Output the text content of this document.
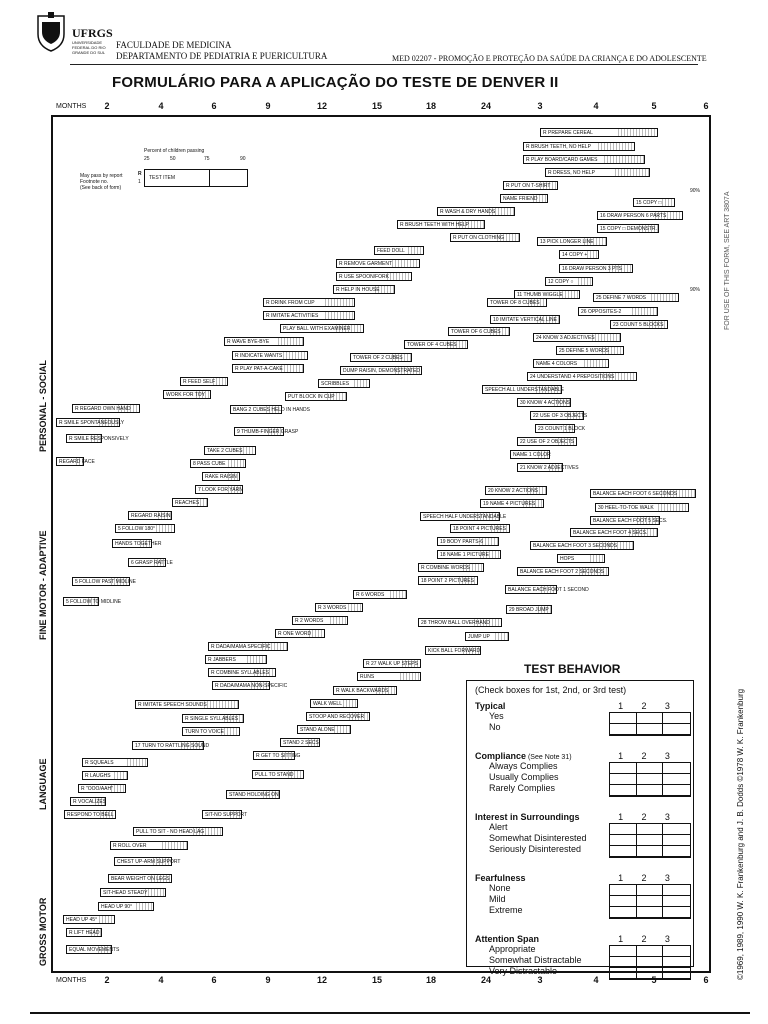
UFRGS
UNIVERSIDADE FEDERAL DO RIO GRANDE DO SUL
FACULDADE DE MEDICINA
DEPARTAMENTO DE PEDIATRIA E PUERICULTURA	MED 02207 - PROMOÇÃO E PROTEÇÃO DA SAÚDE DA CRIANÇA E DO ADOLESCENTE
FORMULÁRIO PARA A APLICAÇÃO DO TESTE DE DENVER II
MONTHS 2	4	6	9	12	15	18	24	3	4	5	6
Percent of children passing
25	50	75	90
May pass by report
Footnote no.
(See back of form)
R
1
TEST ITEM
90%
90%
PERSONAL - SOCIAL
FINE MOTOR - ADAPTIVE
LANGUAGE
GROSS MOTOR
R PREPARE CEREAL
R BRUSH TEETH, NO HELP
R PLAY BOARD/CARD GAMES
R DRESS, NO HELP
R PUT ON T-SHIRT
NAME FRIEND
R WASH & DRY HANDS
R BRUSH TEETH WITH HELP
R PUT ON CLOTHING
FEED DOLL
R REMOVE GARMENT
R USE SPOON/FORK
R HELP IN HOUSE
R DRINK FROM CUP
R IMITATE ACTIVITIES
PLAY BALL WITH EXAMINER
R WAVE BYE-BYE
R INDICATE WANTS
R PLAY PAT-A-CAKE
R FEED SELF
WORK FOR TOY
R REGARD OWN HAND
R SMILE SPONTANEOUSLY
R SMILE RESPONSIVELY
REGARD FACE
15 COPY □
16 DRAW PERSON 6 PARTS
15 COPY □ DEMONSTR.
13 PICK LONGER LINE
14 COPY +
16 DRAW PERSON 3 PTS
12 COPY ○
11 THUMB WIGGLE
TOWER OF 8 CUBES
10 IMITATE VERTICAL LINE
TOWER OF 6 CUBES
TOWER OF 4 CUBES
TOWER OF 2 CUBES
DUMP RAISIN, DEMONSTRATED
SCRIBBLES
PUT BLOCK IN CUP
BANG 2 CUBES HELD IN HANDS
9 THUMB-FINGER GRASP
TAKE 2 CUBES
8 PASS CUBE
RAKE RAISIN
7 LOOK FOR YARN
REACHES
REGARD RAISIN
5 FOLLOW 180°
HANDS TOGETHER
6 GRASP RATTLE
5 FOLLOW PAST MIDLINE
5 FOLLOW TO MIDLINE
25 DEFINE 7 WORDS
26 OPPOSITES-2
23 COUNT 5 BLOCKS
24 KNOW 3 ADJECTIVES
25 DEFINE 5 WORDS
NAME 4 COLORS
24 UNDERSTAND 4 PREPOSITIONS
SPEECH ALL UNDERSTANDABLE
30 KNOW 4 ACTIONS
22 USE OF 3 OBJECTS
23 COUNT 1 BLOCK
22 USE OF 2 OBJECTS
NAME 1 COLOR
21 KNOW 2 ADJECTIVES
20 KNOW 2 ACTIONS
19 NAME 4 PICTURES
SPEECH HALF UNDERSTANDABLE
18 POINT 4 PICTURES
19 BODY PARTS-6
18 NAME 1 PICTURE
R COMBINE WORDS
18 POINT 2 PICTURES
R 6 WORDS
R 3 WORDS
R 2 WORDS
R ONE WORD
R DADA/MAMA SPECIFIC
R JABBERS
R COMBINE SYLLABLES
R DADA/MAMA NON-SPECIFIC
R IMITATE SPEECH SOUNDS
R SINGLE SYLLABLES
TURN TO VOICE
17 TURN TO RATTLING SOUND
R SQUEALS
R LAUGHS
R "OOO/AAH"
R VOCALIZES
RESPOND TO BELL
BALANCE EACH FOOT 6 SECONDS
30 HEEL-TO-TOE WALK
BALANCE EACH FOOT 5 SECS.
BALANCE EACH FOOT 4 SECS.
BALANCE EACH FOOT 3 SECONDS
HOPS
BALANCE EACH FOOT 2 SECONDS
BALANCE EACH FOOT 1 SECOND
29 BROAD JUMP
28 THROW BALL OVERHAND
JUMP UP
KICK BALL FORWARD
R 27 WALK UP STEPS
RUNS
R WALK BACKWARDS
WALK WELL
STOOP AND RECOVER
STAND ALONE
STAND 2 SECS
R GET TO SITTING
PULL TO STAND
STAND HOLDING ON
SIT-NO SUPPORT
PULL TO SIT - NO HEAD LAG
R ROLL OVER
CHEST UP-ARM SUPPORT
BEAR WEIGHT ON LEGS
SIT-HEAD STEADY
HEAD UP 90°
HEAD UP 45°
R LIFT HEAD
EQUAL MOVEMENTS
TEST BEHAVIOR
(Check boxes for 1st, 2nd, or 3rd test)
Typical	1 2 3
Yes
No
Compliance (See Note 31)	1 2 3
Always Complies
Usually Complies
Rarely Complies
Interest in Surroundings	1 2 3
Alert
Somewhat Disinterested
Seriously Disinterested
Fearfulness	1 2 3
None
Mild
Extreme
Attention Span	1 2 3
Appropriate
Somewhat Distractable
Very Distractable
MONTHS 2	4	6	9	12	15	18	24	3	4	5	6
FOR USE OF THIS FORM, SEE ART 3807A
©1969, 1989, 1990 W. K. Frankenburg and J. B. Dodds ©1978 W. K. Frankenburg
